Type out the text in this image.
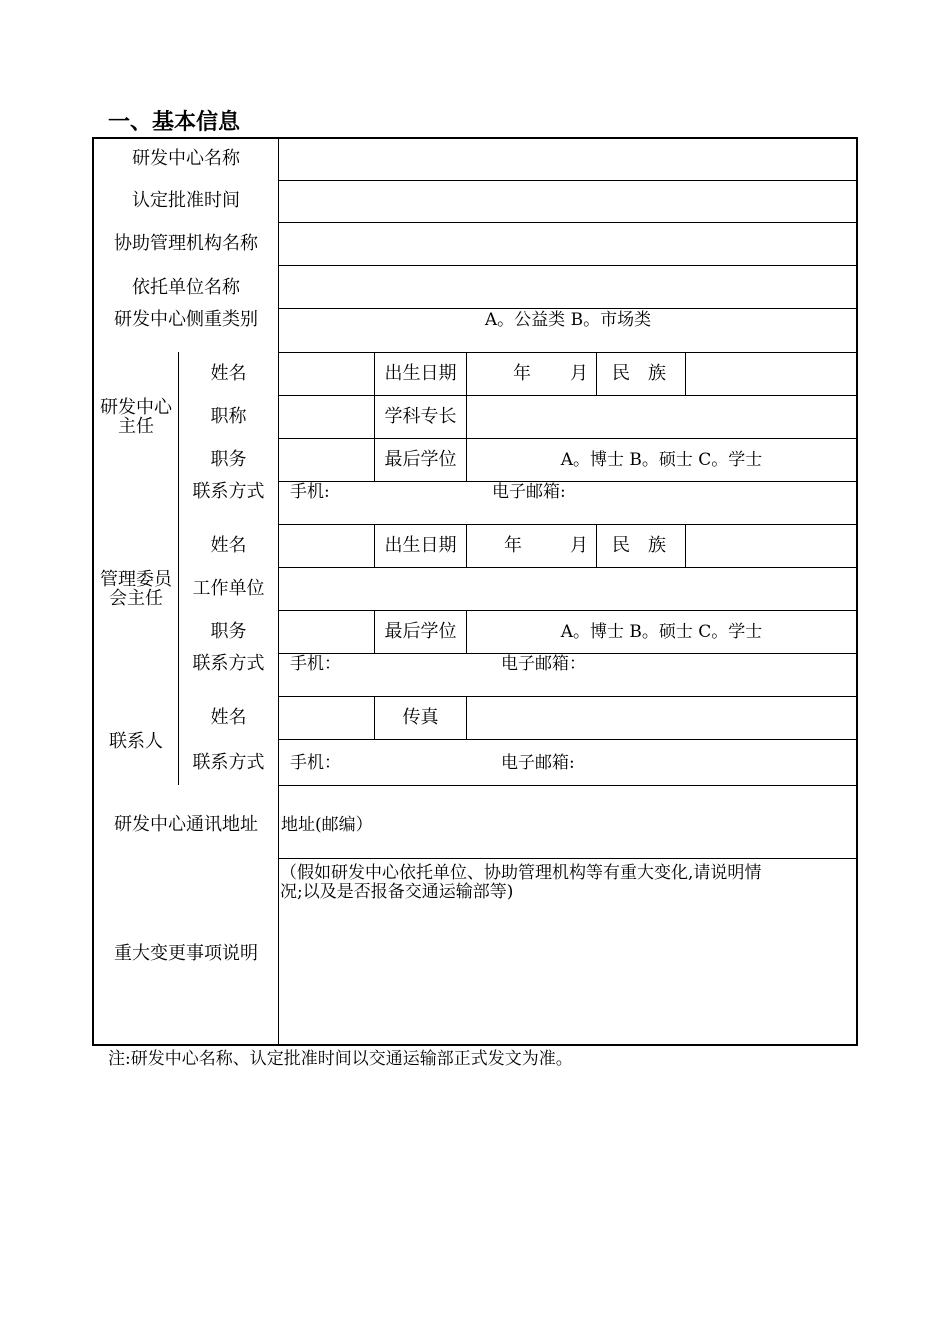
一、基本信息
研发中心名称
认定批准时间
协助管理机构名称
依托单位名称
研发中心侧重类别	A。公益类 B。市场类
研发中心
主任
姓名	出生日期	年 月 民　族
职称	学科专长
职务	最后学位	A。博士 B。硕士 C。学士
联系方式	手机:	电子邮箱:
管理委员
会主任
姓名	出生日期	年	月 民　族
工作单位
职务	最后学位	A。博士 B。硕士 C。学士
联系方式	手机：	电子邮箱：
联系人
姓名	传真
联系方式	手机：	电子邮箱:
研发中心通讯地址	地址(邮编）
重大变更事项说明
（假如研发中心依托单位、协助管理机构等有重大变化,请说明情
况;以及是否报备交通运输部等)
注:研发中心名称、认定批准时间以交通运输部正式发文为准。
